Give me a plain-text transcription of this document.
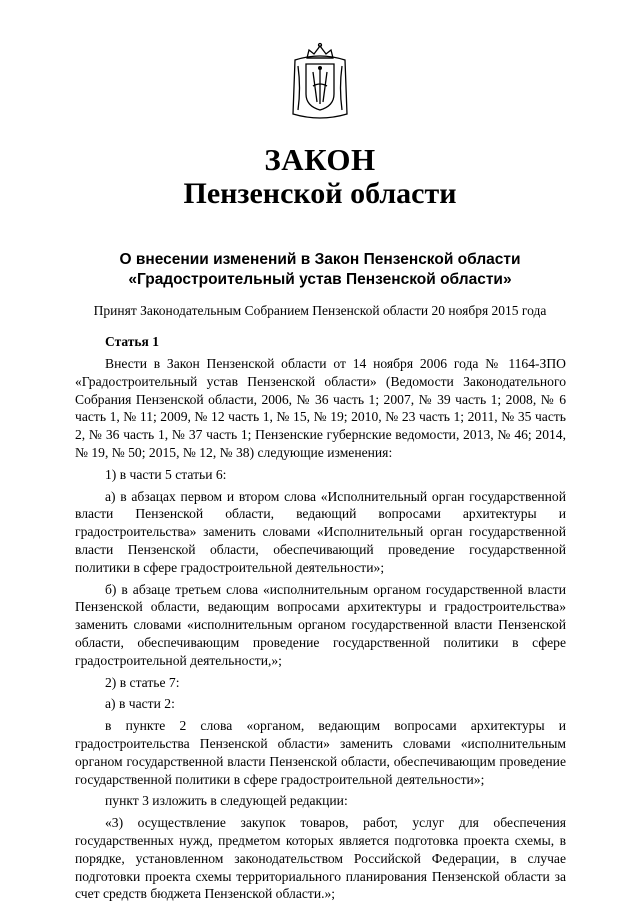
ЗАКОН
Пензенской области
О внесении изменений в Закон Пензенской области
«Градостроительный устав Пензенской области»

Принят Законодательным Собранием Пензенской области 20 ноября 2015 года

Статья 1

Внести в Закон Пензенской области от 14 ноября 2006 года № 1164-ЗПО «Градостроительный устав Пензенской области» (Ведомости Законодательного Собрания Пензенской области, 2006, № 36 часть 1; 2007, № 39 часть 1; 2008, № 6 часть 1, № 11; 2009, № 12 часть 1, № 15, № 19; 2010, № 23 часть 1; 2011, № 35 часть 2, № 36 часть 1, № 37 часть 1; Пензенские губернские ведомости, 2013, № 46; 2014, № 19, № 50; 2015, № 12, № 38) следующие изменения:

1) в части 5 статьи 6:

а) в абзацах первом и втором слова «Исполнительный орган государственной власти Пензенской области, ведающий вопросами архитектуры и градостроительства» заменить словами «Исполнительный орган государственной власти Пензенской области, обеспечивающий проведение государственной политики в сфере градостроительной деятельности»;

б) в абзаце третьем слова «исполнительным органом государственной власти Пензенской области, ведающим вопросами архитектуры и градостроительства» заменить словами «исполнительным органом государственной власти Пензенской области, обеспечивающим проведение государственной политики в сфере градостроительной деятельности,»;

2) в статье 7:

а) в части 2:

в пункте 2 слова «органом, ведающим вопросами архитектуры и градостроительства Пензенской области» заменить словами «исполнительным органом государственной власти Пензенской области, обеспечивающим проведение государственной политики в сфере градостроительной деятельности»;

пункт 3 изложить в следующей редакции:

«3) осуществление закупок товаров, работ, услуг для обеспечения государственных нужд, предметом которых является подготовка проекта схемы, в порядке, установленном законодательством Российской Федерации, в случае подготовки проекта схемы территориального планирования Пензенской области за счет средств бюджета Пензенской области.»;
